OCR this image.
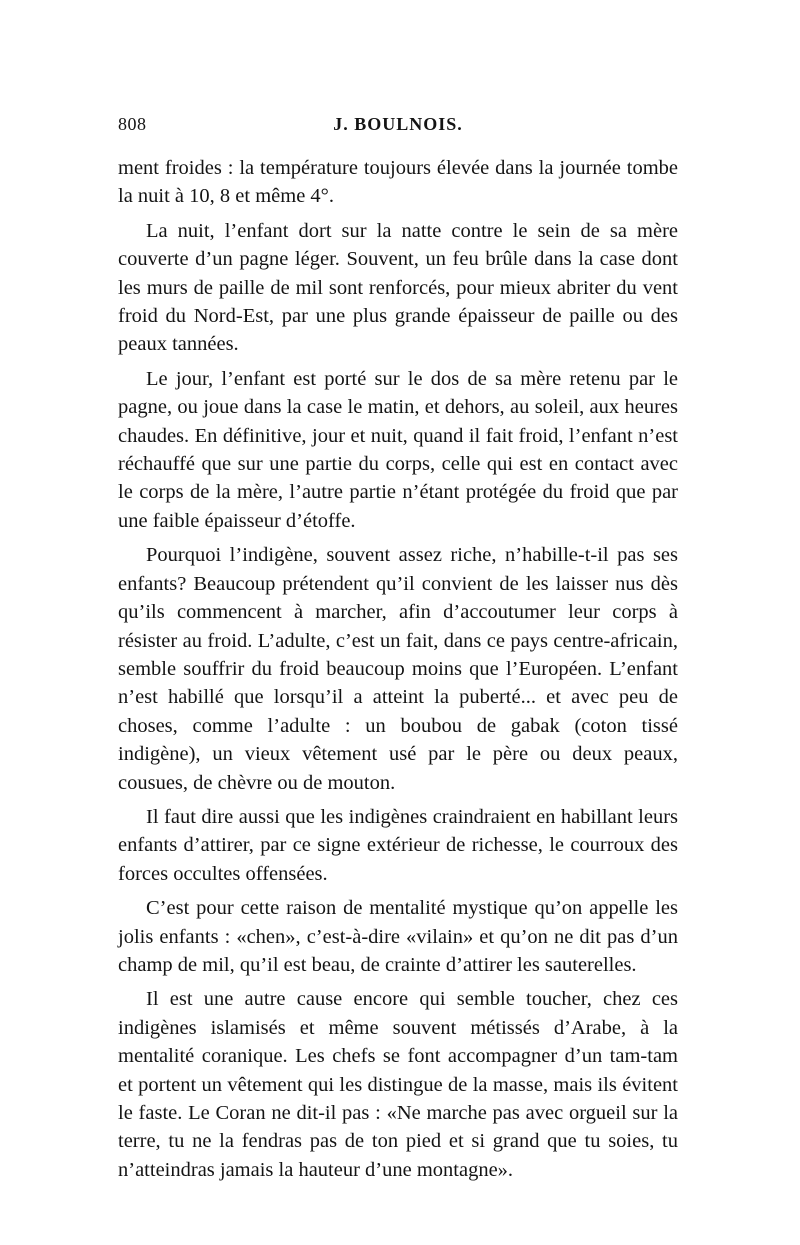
808	J. BOULNOIS.

ment froides : la température toujours élevée dans la journée tombe la nuit à 10, 8 et même 4°.

La nuit, l’enfant dort sur la natte contre le sein de sa mère couverte d’un pagne léger. Souvent, un feu brûle dans la case dont les murs de paille de mil sont renforcés, pour mieux abriter du vent froid du Nord-Est, par une plus grande épaisseur de paille ou des peaux tannées.

Le jour, l’enfant est porté sur le dos de sa mère retenu par le pagne, ou joue dans la case le matin, et dehors, au soleil, aux heures chaudes. En définitive, jour et nuit, quand il fait froid, l’enfant n’est réchauffé que sur une partie du corps, celle qui est en contact avec le corps de la mère, l’autre partie n’étant protégée du froid que par une faible épaisseur d’étoffe.

Pourquoi l’indigène, souvent assez riche, n’habille-t-il pas ses enfants? Beaucoup prétendent qu’il convient de les laisser nus dès qu’ils commencent à marcher, afin d’accoutumer leur corps à résister au froid. L’adulte, c’est un fait, dans ce pays centre-africain, semble souffrir du froid beaucoup moins que l’Européen. L’enfant n’est habillé que lorsqu’il a atteint la puberté... et avec peu de choses, comme l’adulte : un boubou de gabak (coton tissé indigène), un vieux vêtement usé par le père ou deux peaux, cousues, de chèvre ou de mouton.

Il faut dire aussi que les indigènes craindraient en habillant leurs enfants d’attirer, par ce signe extérieur de richesse, le courroux des forces occultes offensées.

C’est pour cette raison de mentalité mystique qu’on appelle les jolis enfants : «chen», c’est-à-dire «vilain» et qu’on ne dit pas d’un champ de mil, qu’il est beau, de crainte d’attirer les sauterelles.

Il est une autre cause encore qui semble toucher, chez ces indigènes islamisés et même souvent métissés d’Arabe, à la mentalité coranique. Les chefs se font accompagner d’un tam-tam et portent un vêtement qui les distingue de la masse, mais ils évitent le faste. Le Coran ne dit-il pas : «Ne marche pas avec orgueil sur la terre, tu ne la fendras pas de ton pied et si grand que tu soies, tu n’atteindras jamais la hauteur d’une montagne».
